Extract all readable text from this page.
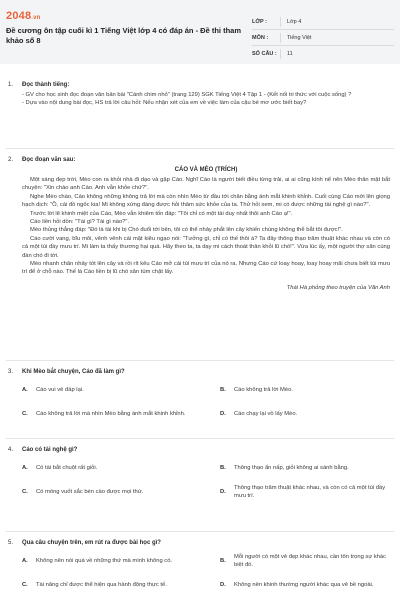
2048.vn
Đề cương ôn tập cuối kì 1 Tiếng Việt lớp 4 có đáp án - Đề thi tham khảo số 8
LỚP :	Lớp 4
MÔN :	Tiếng Việt
SỐ CÂU :	11
1. Đọc thành tiếng:

- GV cho học sinh đọc đoạn văn bản bài "Cánh chim nhỏ" (trang 129) SGK Tiếng Việt 4 Tập 1 - (Kết nối tri thức với cuộc sống) ?

- Dựa vào nội dung bài đọc, HS trả lời câu hỏi: Nếu nhận xét của em về việc làm của cậu bé mơ ước biết bay?

2. Đọc đoạn văn sau:
CÁO VÀ MÈO (TRÍCH)

Một sáng đẹp trời, Mèo con ra khỏi nhà đi dạo và gặp Cáo. Nghĩ Cáo là người biết điều từng trải, ai ai cũng kính nể nên Mèo thân mật bắt chuyện: "Xin chào anh Cáo. Anh vẫn khỏe chứ?".

Nghe Mèo chào, Cáo không những không trả lời mà còn nhìn Mèo từ đầu tới chân bằng ánh mắt khinh khỉnh. Cuối cùng Cáo mới lên giọng hạch dịch: "Ồ, cái đồ ngốc kia! Mi không xứng đáng được hỏi thăm sức khỏe của ta. Thử hỏi xem, mi có được những tài nghệ gì nào?".

Trước lời lẽ khinh miệt của Cáo, Mèo vẫn khiêm tốn đáp: "Tôi chỉ có một tài duy nhất thôi anh Cáo ạ!".

Cáo liền hỏi dồn: "Tài gì? Tài gì nào?".

Mèo thủng thẳng đáp: "Đó là tài khi bị Chó đuổi tới bên, tôi có thể nhảy phắt lên cây khiến chúng không thể bắt tôi được!".

Cáo cười vang, bĩu môi, vênh vênh cái mặt kiêu ngạo nói: "Tưởng gì, chỉ có thế thôi à? Ta đây thông thạo trăm thuật khác nhau và còn có cả một túi đầy mưu trí. Mi làm ta thấy thương hại quá. Hãy theo ta, ta dạy mi cách thoát thân khỏi lũ chó!". Vừa lúc ấy, một người thợ săn cùng đàn chó đi tới.

Mèo nhanh chân nhảy tót lên cây và rồi rít kêu Cáo mở cái túi mưu trí của nó ra. Nhưng Cáo cứ loay hoay, loay hoay mãi chưa biết túi mưu trí để ở chỗ nào. Thế là Cáo liền bị lũ chó săn túm chặt lấy.

Thái Hà phỏng theo truyện của Văn Anh
3. Khi Mèo bắt chuyện, Cáo đã làm gì?
A.	Cáo vui vẻ đáp lại.	B.	Cáo không trả lời Mèo.
C.	Cáo không trả lời mà nhìn Mèo bằng ánh mắt khinh khỉnh.	D.	Cáo chạy lại vồ lấy Mèo.
4. Cáo có tài nghệ gì?
A.	Có tài bắt chuột rất giỏi.	B.	Thông thạo ẩn nấp, giỏi không ai sánh bằng.
C.	Có móng vuốt sắc bén cào được mọi thứ.	D.
Thông thạo trăm thuật khác nhau, và còn có cả một túi đầy mưu trí.
5. Qua câu chuyện trên, em rút ra được bài học gì?
A.	Không nên nói quá về những thứ mà mình không có.	B.
Mỗi người có một vẻ đẹp khác nhau, cần tôn trọng sự khác biệt đó.
C.	Tài năng chỉ được thể hiện qua hành động thực tế.	D.	Không nên khinh thường người khác qua vẻ bề ngoài.
